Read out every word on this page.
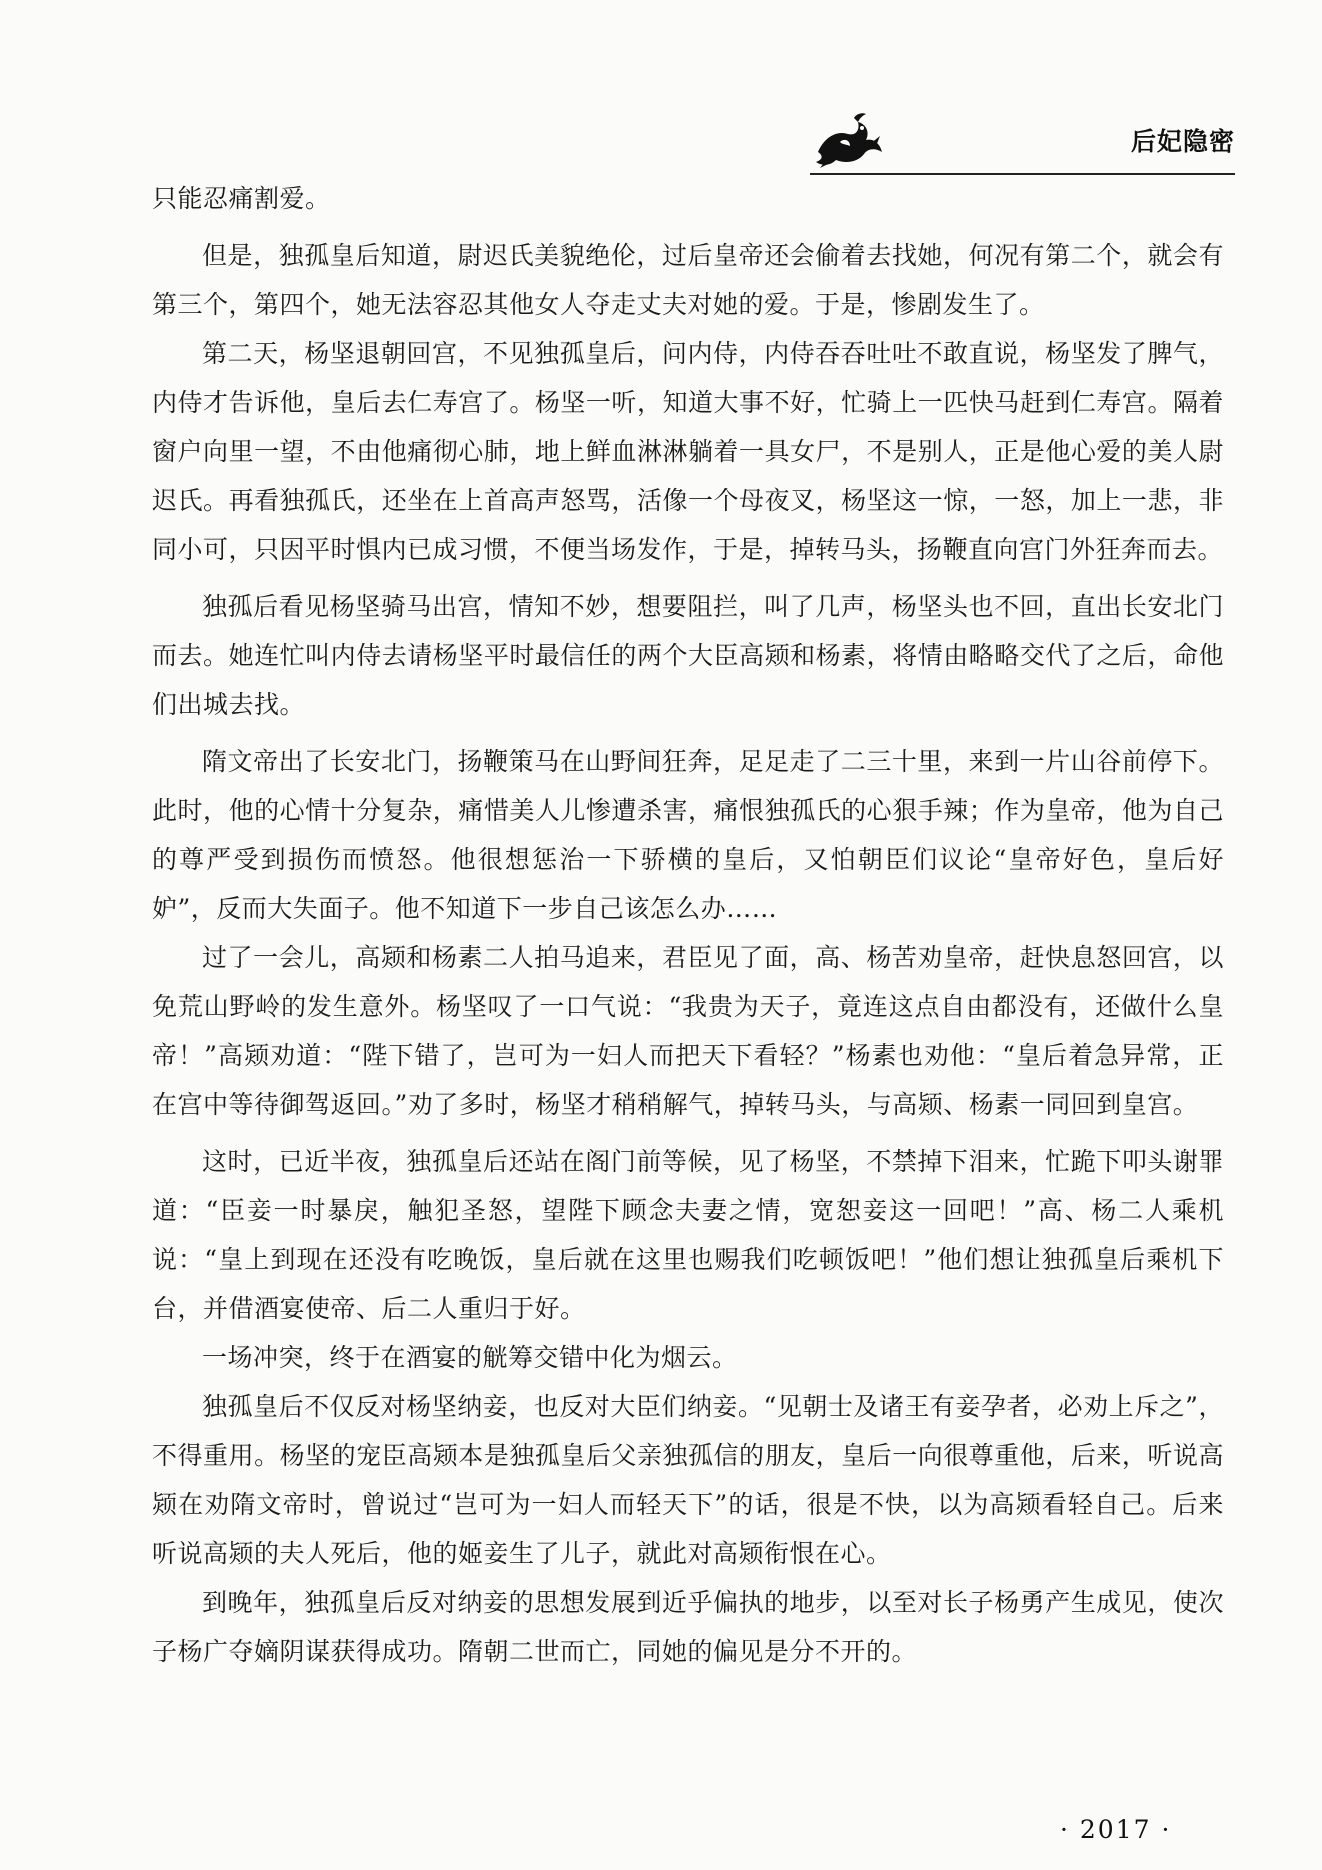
后妃隐密

只能忍痛割爱。

但是，独孤皇后知道，尉迟氏美貌绝伦，过后皇帝还会偷着去找她，何况有第二个，就会有第三个，第四个，她无法容忍其他女人夺走丈夫对她的爱。于是，惨剧发生了。

第二天，杨坚退朝回宫，不见独孤皇后，问内侍，内侍吞吞吐吐不敢直说，杨坚发了脾气，内侍才告诉他，皇后去仁寿宫了。杨坚一听，知道大事不好，忙骑上一匹快马赶到仁寿宫。隔着窗户向里一望，不由他痛彻心肺，地上鲜血淋淋躺着一具女尸，不是别人，正是他心爱的美人尉迟氏。再看独孤氏，还坐在上首高声怒骂，活像一个母夜叉，杨坚这一惊，一怒，加上一悲，非同小可，只因平时惧内已成习惯，不便当场发作，于是，掉转马头，扬鞭直向宫门外狂奔而去。

独孤后看见杨坚骑马出宫，情知不妙，想要阻拦，叫了几声，杨坚头也不回，直出长安北门而去。她连忙叫内侍去请杨坚平时最信任的两个大臣高颎和杨素，将情由略略交代了之后，命他们出城去找。

隋文帝出了长安北门，扬鞭策马在山野间狂奔，足足走了二三十里，来到一片山谷前停下。此时，他的心情十分复杂，痛惜美人儿惨遭杀害，痛恨独孤氏的心狠手辣；作为皇帝，他为自己的尊严受到损伤而愤怒。他很想惩治一下骄横的皇后，又怕朝臣们议论“皇帝好色，皇后好妒”，反而大失面子。他不知道下一步自己该怎么办……

过了一会儿，高颎和杨素二人拍马追来，君臣见了面，高、杨苦劝皇帝，赶快息怒回宫，以免荒山野岭的发生意外。杨坚叹了一口气说：“我贵为天子，竟连这点自由都没有，还做什么皇帝！”高颎劝道：“陛下错了，岂可为一妇人而把天下看轻？”杨素也劝他：“皇后着急异常，正在宫中等待御驾返回。”劝了多时，杨坚才稍稍解气，掉转马头，与高颎、杨素一同回到皇宫。

这时，已近半夜，独孤皇后还站在阁门前等候，见了杨坚，不禁掉下泪来，忙跪下叩头谢罪道：“臣妾一时暴戾，触犯圣怒，望陛下顾念夫妻之情，宽恕妾这一回吧！”高、杨二人乘机说：“皇上到现在还没有吃晚饭，皇后就在这里也赐我们吃顿饭吧！”他们想让独孤皇后乘机下台，并借酒宴使帝、后二人重归于好。

一场冲突，终于在酒宴的觥筹交错中化为烟云。

独孤皇后不仅反对杨坚纳妾，也反对大臣们纳妾。“见朝士及诸王有妾孕者，必劝上斥之”，不得重用。杨坚的宠臣高颎本是独孤皇后父亲独孤信的朋友，皇后一向很尊重他，后来，听说高颎在劝隋文帝时，曾说过“岂可为一妇人而轻天下”的话，很是不快，以为高颎看轻自己。后来听说高颎的夫人死后，他的姬妾生了儿子，就此对高颎衔恨在心。

到晚年，独孤皇后反对纳妾的思想发展到近乎偏执的地步，以至对长子杨勇产生成见，使次子杨广夺嫡阴谋获得成功。隋朝二世而亡，同她的偏见是分不开的。

· 2017 ·
